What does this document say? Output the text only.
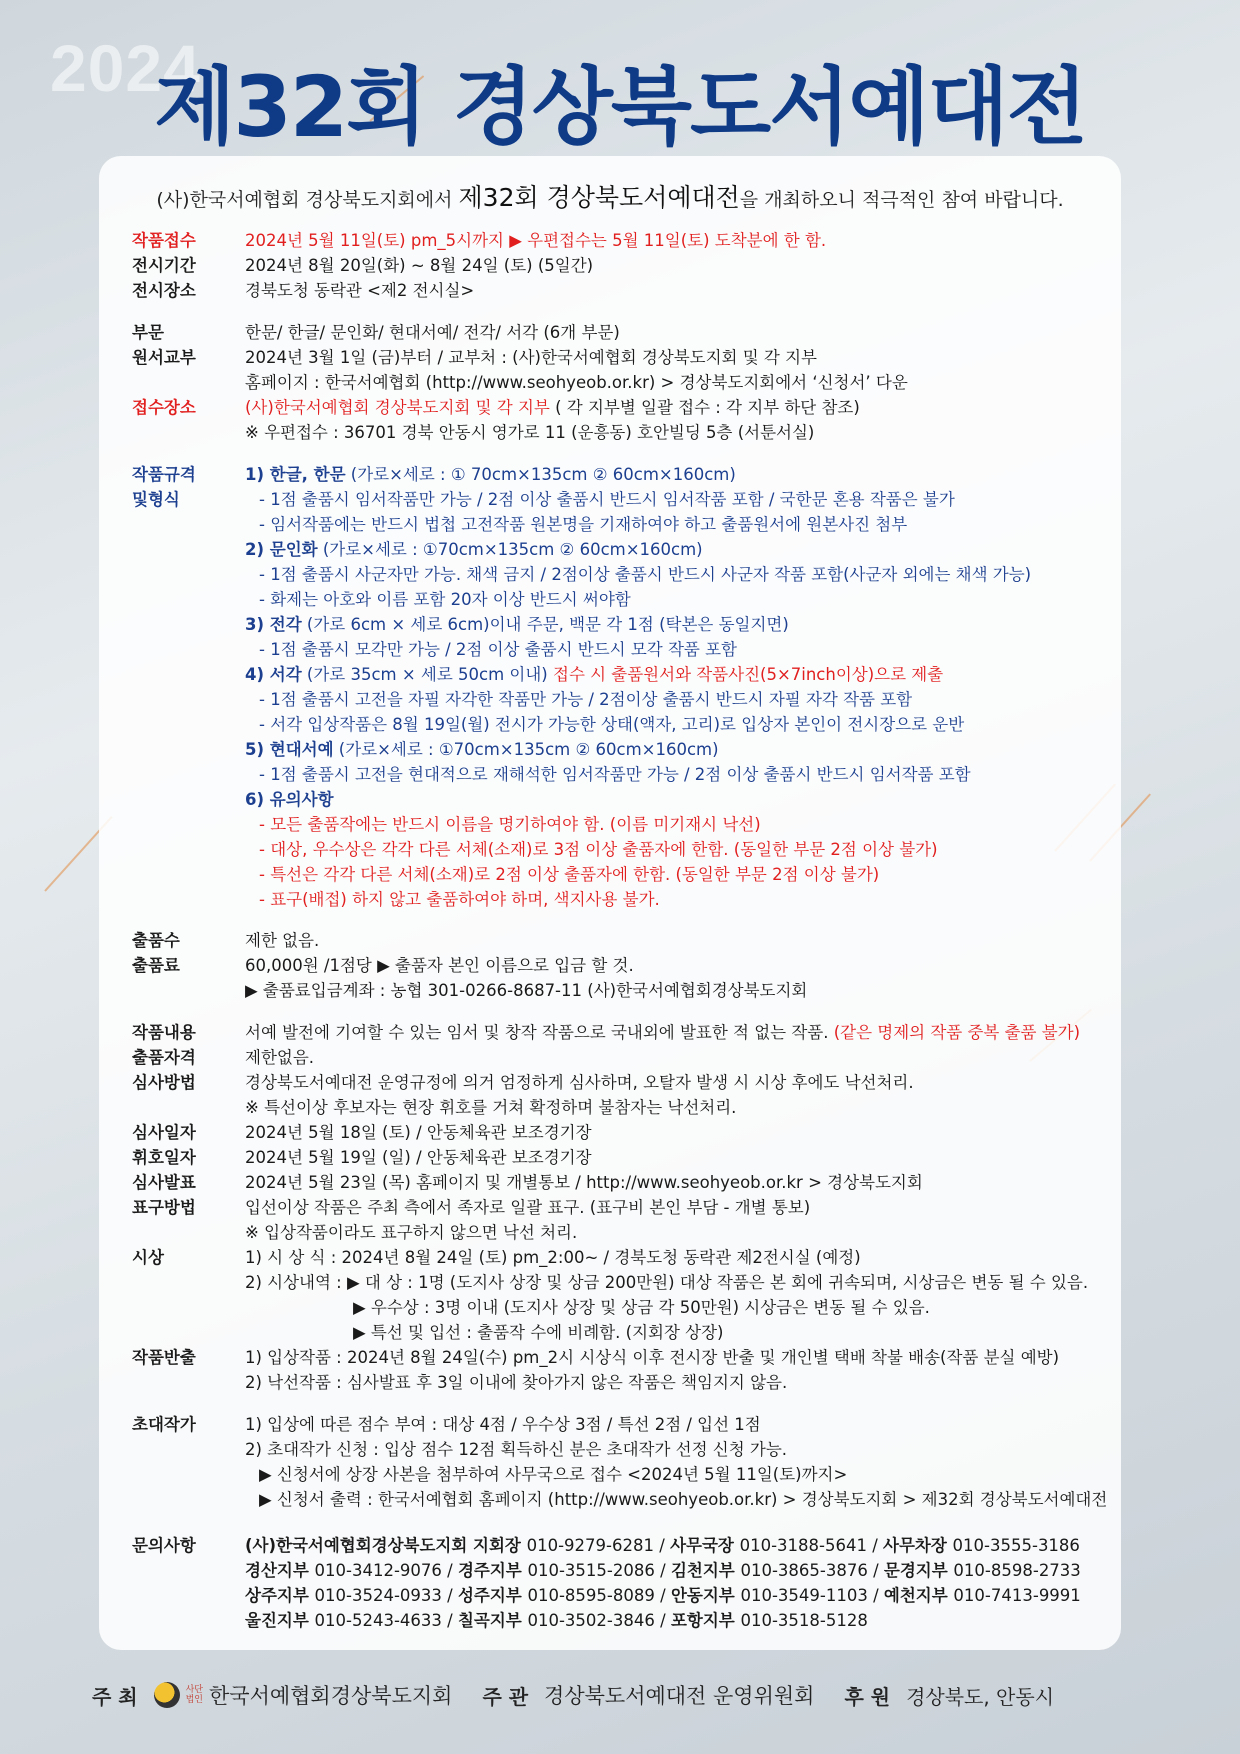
2024
제32회 경상북도서예대전
(사)한국서예협회 경상북도지회에서 제32회 경상북도서예대전을 개최하오니 적극적인 참여 바랍니다.
작품접수	2024년 5월 11일(토) pm_5시까지 ▶ 우편접수는 5월 11일(토) 도착분에 한 함.
전시기간	2024년 8월 20일(화) ~ 8월 24일 (토) (5일간)
전시장소	경북도청 동락관 <제2 전시실>
부문	한문/ 한글/ 문인화/ 현대서예/ 전각/ 서각 (6개 부문)
원서교부	2024년 3월 1일 (금)부터 / 교부처 : (사)한국서예협회 경상북도지회 및 각 지부
홈페이지 : 한국서예협회 (http://www.seohyeob.or.kr) > 경상북도지회에서 ‘신청서’ 다운
접수장소	(사)한국서예협회 경상북도지회 및 각 지부 ( 각 지부별 일괄 접수 : 각 지부 하단 참조)
※ 우편접수 : 36701 경북 안동시 영가로 11 (운흥동) 호안빌딩 5층 (서툰서실)
작품규격	1) 한글, 한문 (가로×세로 : ① 70cm×135cm ② 60cm×160cm)
및형식	- 1점 출품시 임서작품만 가능 / 2점 이상 출품시 반드시 임서작품 포함 / 국한문 혼용 작품은 불가
- 임서작품에는 반드시 법첩 고전작품 원본명을 기재하여야 하고 출품원서에 원본사진 첨부
2) 문인화 (가로×세로 : ①70cm×135cm ② 60cm×160cm)
- 1점 출품시 사군자만 가능. 채색 금지 / 2점이상 출품시 반드시 사군자 작품 포함(사군자 외에는 채색 가능)
- 화제는 아호와 이름 포함 20자 이상 반드시 써야함
3) 전각 (가로 6cm × 세로 6cm)이내 주문, 백문 각 1점 (탁본은 동일지면)
- 1점 출품시 모각만 가능 / 2점 이상 출품시 반드시 모각 작품 포함
4) 서각 (가로 35cm × 세로 50cm 이내) 접수 시 출품원서와 작품사진(5×7inch이상)으로 제출
- 1점 출품시 고전을 자필 자각한 작품만 가능 / 2점이상 출품시 반드시 자필 자각 작품 포함
- 서각 입상작품은 8월 19일(월) 전시가 가능한 상태(액자, 고리)로 입상자 본인이 전시장으로 운반
5) 현대서예 (가로×세로 : ①70cm×135cm ② 60cm×160cm)
- 1점 출품시 고전을 현대적으로 재해석한 임서작품만 가능 / 2점 이상 출품시 반드시 임서작품 포함
6) 유의사항
- 모든 출품작에는 반드시 이름을 명기하여야 함. (이름 미기재시 낙선)
- 대상, 우수상은 각각 다른 서체(소재)로 3점 이상 출품자에 한함. (동일한 부문 2점 이상 불가)
- 특선은 각각 다른 서체(소재)로 2점 이상 출품자에 한함. (동일한 부문 2점 이상 불가)
- 표구(배접) 하지 않고 출품하여야 하며, 색지사용 불가.
출품수	제한 없음.
출품료	60,000원 /1점당 ▶ 출품자 본인 이름으로 입금 할 것.
▶ 출품료입금계좌 : 농협 301-0266-8687-11 (사)한국서예협회경상북도지회
작품내용	서예 발전에 기여할 수 있는 임서 및 창작 작품으로 국내외에 발표한 적 없는 작품. (같은 명제의 작품 중복 출품 불가)
출품자격	제한없음.
심사방법	경상북도서예대전 운영규정에 의거 엄정하게 심사하며, 오탈자 발생 시 시상 후에도 낙선처리.
※ 특선이상 후보자는 현장 휘호를 거쳐 확정하며 불참자는 낙선처리.
심사일자	2024년 5월 18일 (토) / 안동체육관 보조경기장
휘호일자	2024년 5월 19일 (일) / 안동체육관 보조경기장
심사발표	2024년 5월 23일 (목) 홈페이지 및 개별통보 / http://www.seohyeob.or.kr > 경상북도지회
표구방법	입선이상 작품은 주최 측에서 족자로 일괄 표구. (표구비 본인 부담 - 개별 통보)
※ 입상작품이라도 표구하지 않으면 낙선 처리.
시상	1) 시 상 식 : 2024년 8월 24일 (토) pm_2:00~ / 경북도청 동락관 제2전시실 (예정)
2) 시상내역 : ▶ 대 상 : 1명 (도지사 상장 및 상금 200만원) 대상 작품은 본 회에 귀속되며, 시상금은 변동 될 수 있음.
▶ 우수상 : 3명 이내 (도지사 상장 및 상금 각 50만원) 시상금은 변동 될 수 있음.
▶ 특선 및 입선 : 출품작 수에 비례함. (지회장 상장)
작품반출	1) 입상작품 : 2024년 8월 24일(수) pm_2시 시상식 이후 전시장 반출 및 개인별 택배 착불 배송(작품 분실 예방)
2) 낙선작품 : 심사발표 후 3일 이내에 찾아가지 않은 작품은 책임지지 않음.
초대작가	1) 입상에 따른 점수 부여 : 대상 4점 / 우수상 3점 / 특선 2점 / 입선 1점
2) 초대작가 신청 : 입상 점수 12점 획득하신 분은 초대작가 선정 신청 가능.
▶ 신청서에 상장 사본을 첨부하여 사무국으로 접수 <2024년 5월 11일(토)까지>
▶ 신청서 출력 : 한국서예협회 홈페이지 (http://www.seohyeob.or.kr) > 경상북도지회 > 제32회 경상북도서예대전
문의사항	(사)한국서예협회경상북도지회 지회장 010-9279-6281 / 사무국장 010-3188-5641 / 사무차장 010-3555-3186
경산지부 010-3412-9076 / 경주지부 010-3515-2086 / 김천지부 010-3865-3876 / 문경지부 010-8598-2733
상주지부 010-3524-0933 / 성주지부 010-8595-8089 / 안동지부 010-3549-1103 / 예천지부 010-7413-9991
울진지부 010-5243-4633 / 칠곡지부 010-3502-3846 / 포항지부 010-3518-5128
주 최	사단
법인 한국서예협회경상북도지회 주 관 경상북도서예대전 운영위원회 후 원 경상북도, 안동시
